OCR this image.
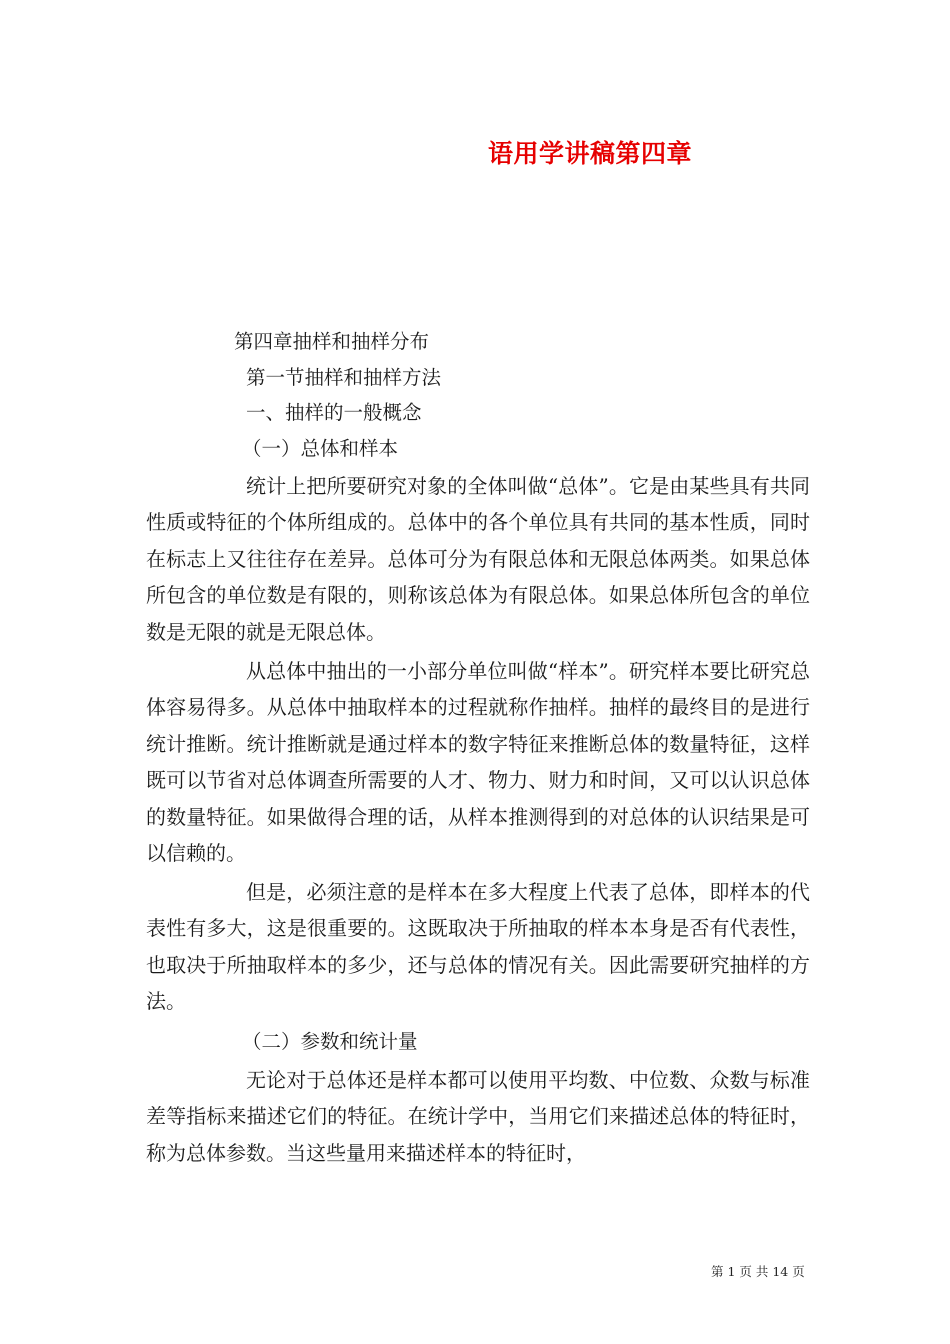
语用学讲稿第四章
第四章抽样和抽样分布
第一节抽样和抽样方法
一、抽样的一般概念
（一）总体和样本

统计上把所要研究对象的全体叫做“总体”。它是由某些具有共同性质或特征的个体所组成的。总体中的各个单位具有共同的基本性质，同时在标志上又往往存在差异。总体可分为有限总体和无限总体两类。如果总体所包含的单位数是有限的，则称该总体为有限总体。如果总体所包含的单位数是无限的就是无限总体。

从总体中抽出的一小部分单位叫做“样本”。研究样本要比研究总体容易得多。从总体中抽取样本的过程就称作抽样。抽样的最终目的是进行统计推断。统计推断就是通过样本的数字特征来推断总体的数量特征，这样既可以节省对总体调查所需要的人才、物力、财力和时间，又可以认识总体的数量特征。如果做得合理的话，从样本推测得到的对总体的认识结果是可以信赖的。

但是，必须注意的是样本在多大程度上代表了总体，即样本的代表性有多大，这是很重要的。这既取决于所抽取的样本本身是否有代表性，也取决于所抽取样本的多少，还与总体的情况有关。因此需要研究抽样的方法。

（二）参数和统计量

无论对于总体还是样本都可以使用平均数、中位数、众数与标准差等指标来描述它们的特征。在统计学中，当用它们来描述总体的特征时，称为总体参数。当这些量用来描述样本的特征时，

第 1 页 共 14 页
